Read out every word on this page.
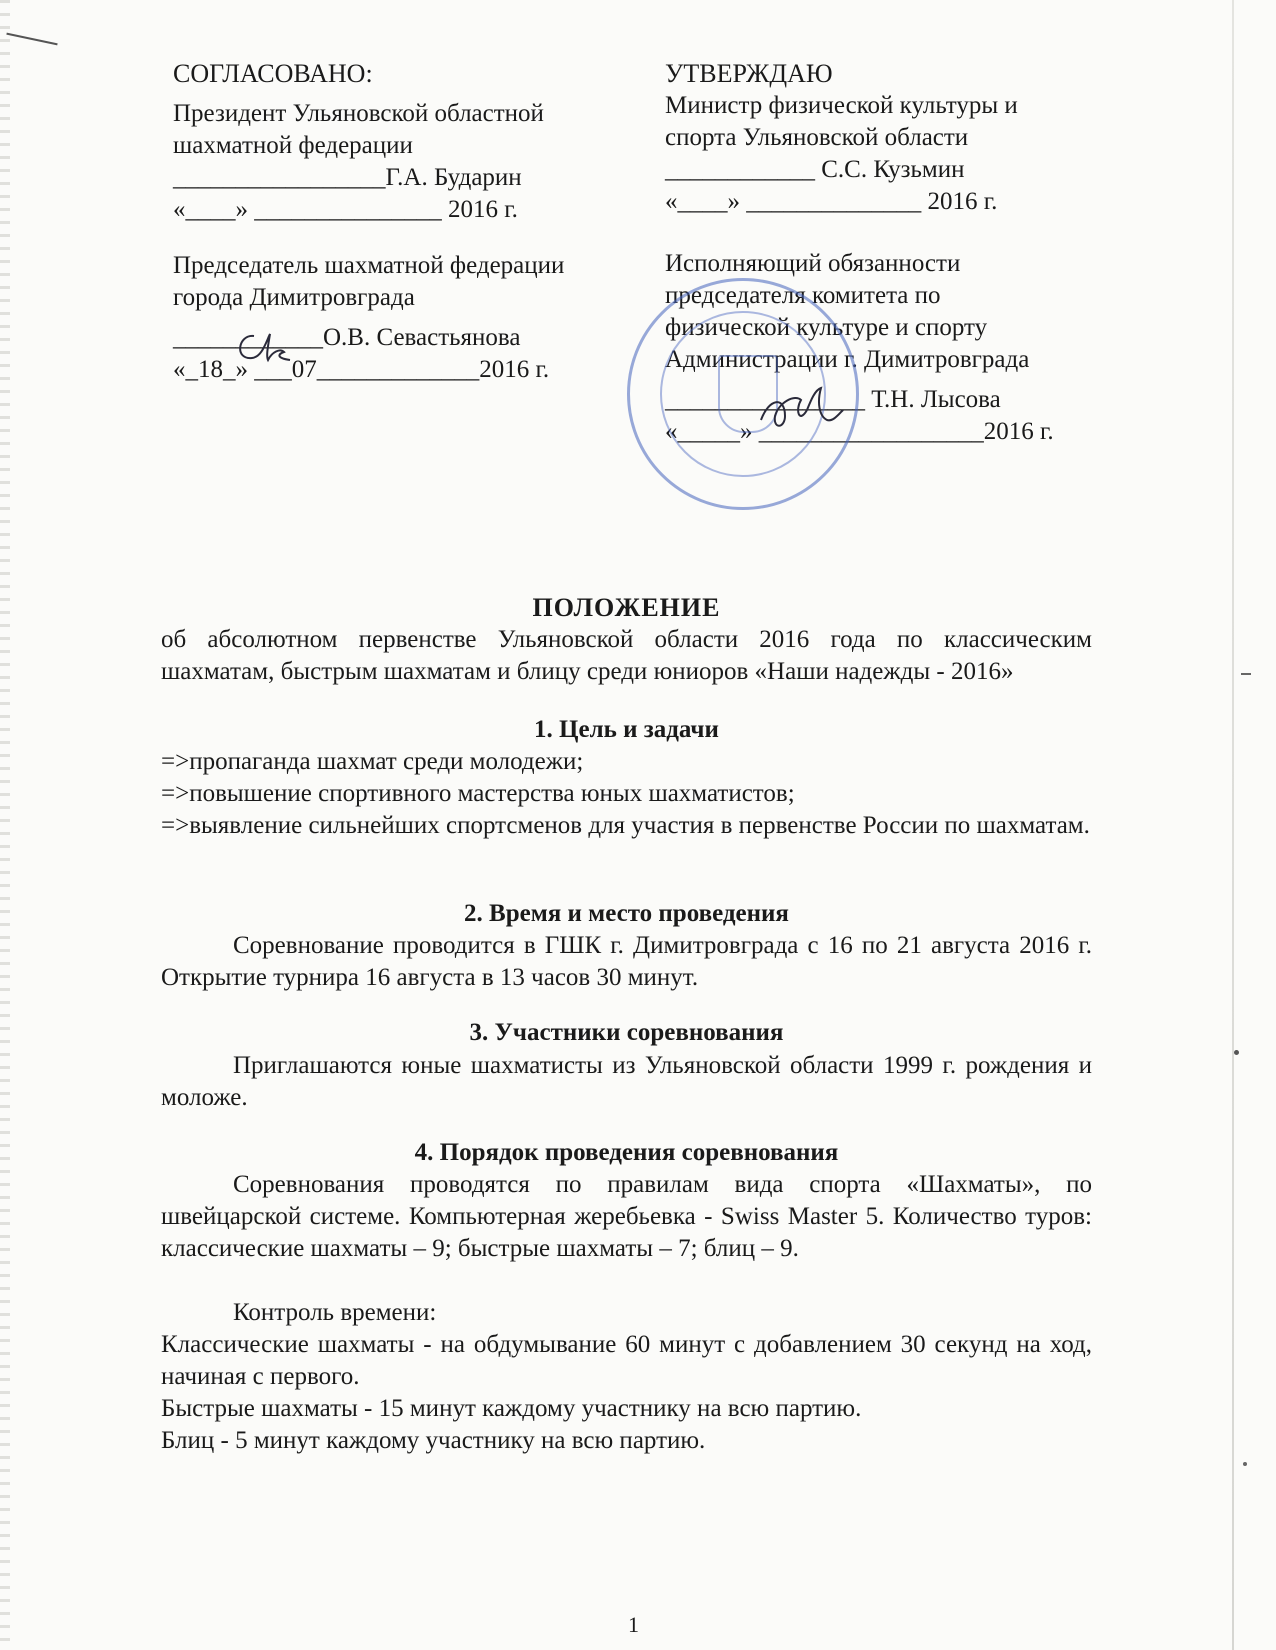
СОГЛАСОВАНО:
Президент Ульяновской областной
шахматной федерации
_________________Г.А. Бударин
«____» _______________ 2016 г.
Председатель шахматной федерации
города Димитровграда
____________О.В. Севастьянова
«_18_» ___07_____________2016 г.
УТВЕРЖДАЮ
Министр физической культуры и
спорта Ульяновской области
____________ С.С. Кузьмин
«____» ______________ 2016 г.
Исполняющий обязанности
председателя комитета по
физической культуре и спорту
Администрации г. Димитровграда
________________ Т.Н. Лысова
«_____» __________________2016 г.
ПОЛОЖЕНИЕ
об абсолютном первенстве Ульяновской области 2016 года по классическим шахматам, быстрым шахматам и блицу среди юниоров «Наши надежды - 2016»
1. Цель и задачи
=>пропаганда шахмат среди молодежи;
=>повышение спортивного мастерства юных шахматистов;
=>выявление сильнейших спортсменов для участия в первенстве России по шахматам.
2. Время и место проведения
Соревнование проводится в ГШК г. Димитровграда с 16 по 21 августа 2016 г. Открытие турнира 16 августа в 13 часов 30 минут.
3. Участники соревнования
Приглашаются юные шахматисты из Ульяновской области 1999 г. рождения и моложе.
4. Порядок проведения соревнования
Соревнования проводятся по правилам вида спорта «Шахматы», по швейцарской системе. Компьютерная жеребьевка - Swiss Master 5. Количество туров: классические шахматы – 9; быстрые шахматы – 7; блиц – 9.
Контроль времени:
Классические шахматы - на обдумывание 60 минут с добавлением 30 секунд на ход, начиная с первого.
Быстрые шахматы - 15 минут каждому участнику на всю партию.
Блиц - 5 минут каждому участнику на всю партию.
1
